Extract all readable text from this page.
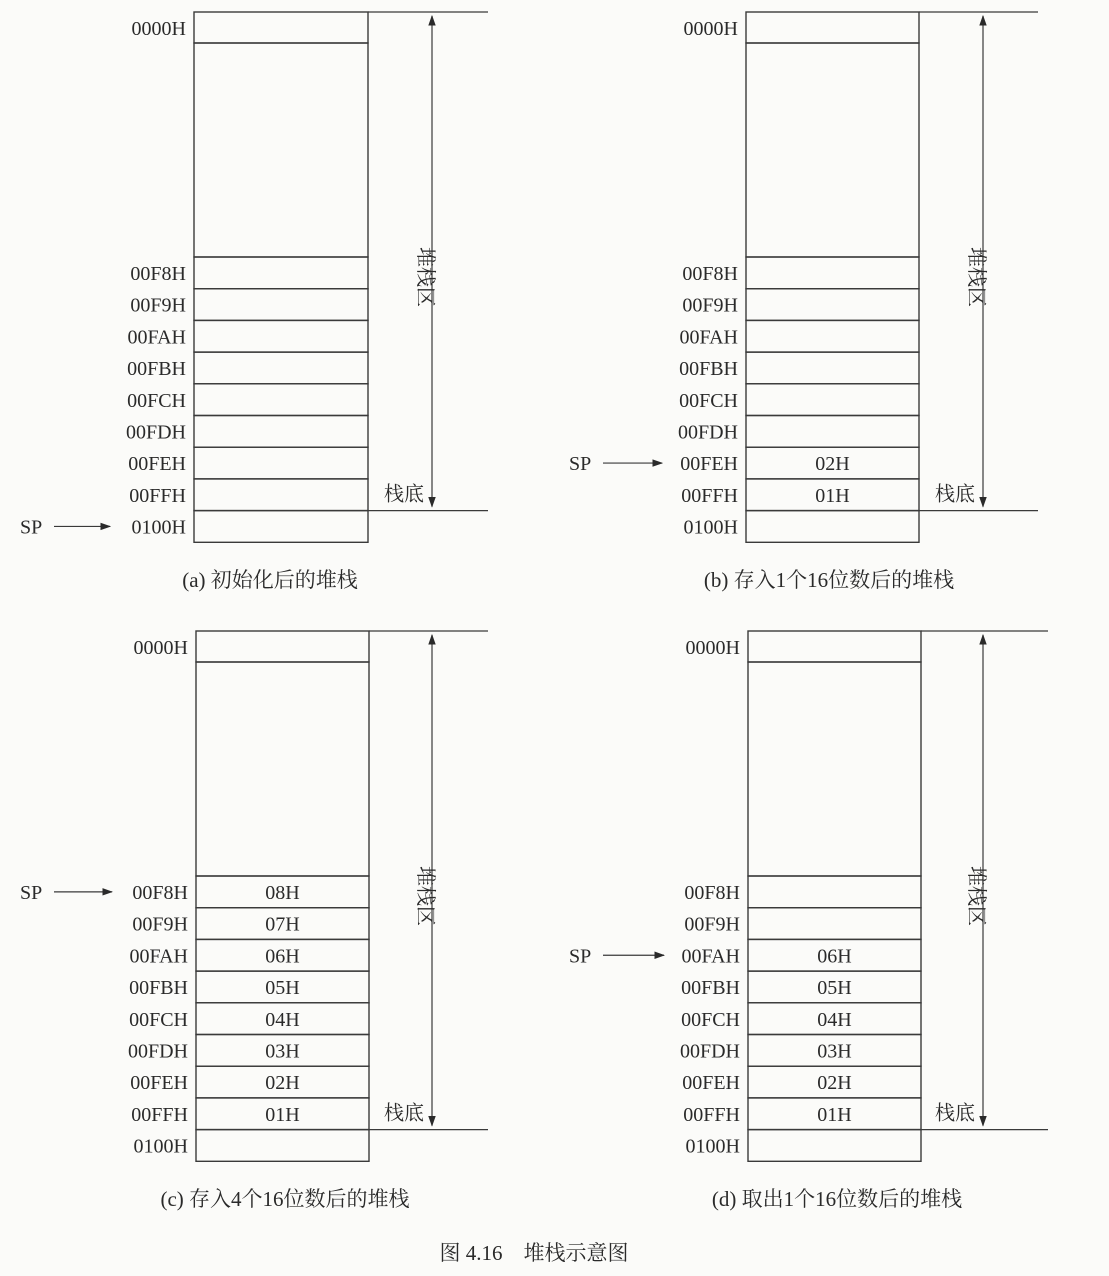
0000H
00F8H
00F9H
00FAH
00FBH
00FCH
00FDH
00FEH
00FFH
0100H
SP
堆栈区
栈底
(a) 初始化后的堆栈
0000H
00F8H
00F9H
00FAH
00FBH
00FCH
00FDH
00FEH	02H
SP
00FFH	01H
0100H
堆栈区
栈底
(b) 存入1个16位数后的堆栈
0000H
00F8H	08H
SP
00F9H	07H
00FAH	06H
00FBH	05H
00FCH	04H
00FDH	03H
00FEH	02H
00FFH	01H
0100H
堆栈区
栈底
(c) 存入4个16位数后的堆栈
0000H
00F8H
00F9H
00FAH	06H
SP
00FBH	05H
00FCH	04H
00FDH	03H
00FEH	02H
00FFH	01H
0100H
堆栈区
栈底
(d) 取出1个16位数后的堆栈
图 4.16　堆栈示意图
